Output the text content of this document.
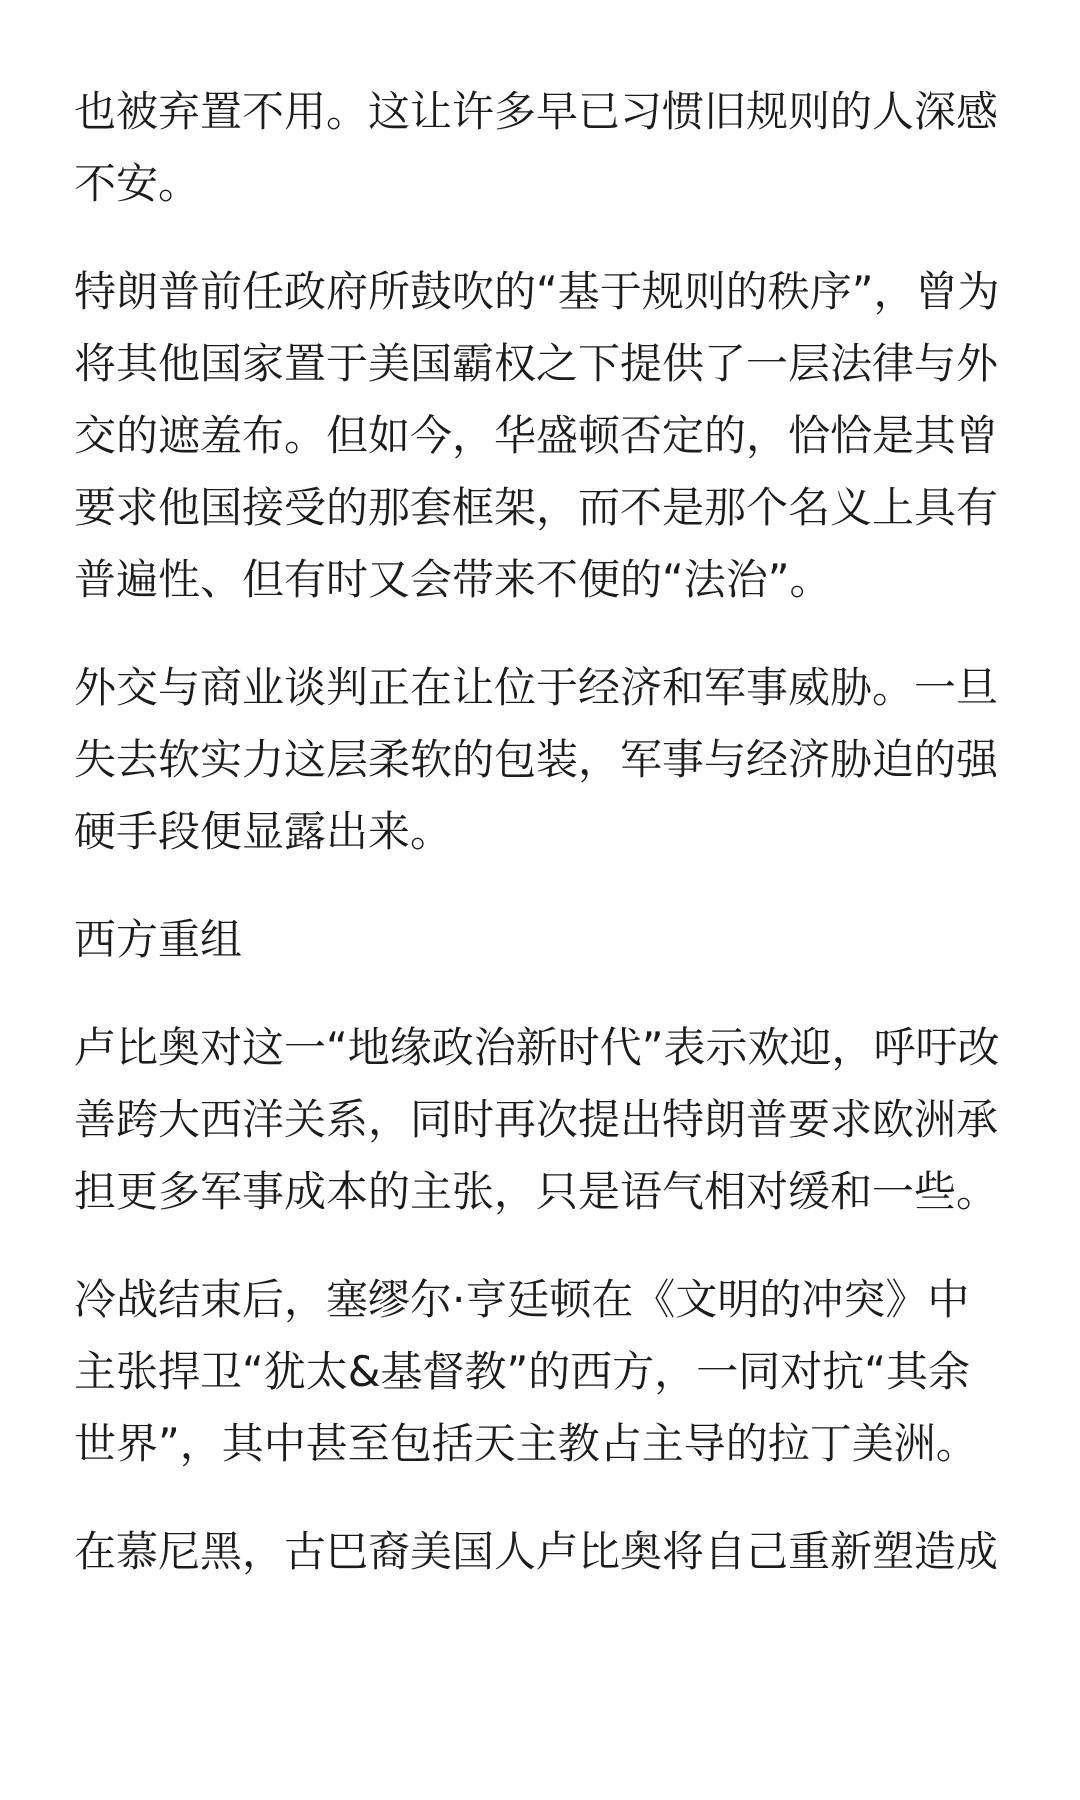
也被弃置不用。这让许多早已习惯旧规则的人深感不安。

特朗普前任政府所鼓吹的“基于规则的秩序”，曾为将其他国家置于美国霸权之下提供了一层法律与外交的遮羞布。但如今，华盛顿否定的，恰恰是其曾要求他国接受的那套框架，而不是那个名义上具有普遍性、但有时又会带来不便的“法治”。

外交与商业谈判正在让位于经济和军事威胁。一旦失去软实力这层柔软的包装，军事与经济胁迫的强硬手段便显露出来。

西方重组

卢比奥对这一“地缘政治新时代”表示欢迎，呼吁改善跨大西洋关系，同时再次提出特朗普要求欧洲承担更多军事成本的主张，只是语气相对缓和一些。

冷战结束后，塞缪尔·亨廷顿在《文明的冲突》中主张捍卫“犹太&基督教”的西方，一同对抗“其余世界”，其中甚至包括天主教占主导的拉丁美洲。

在慕尼黑，古巴裔美国人卢比奥将自己重新塑造成
